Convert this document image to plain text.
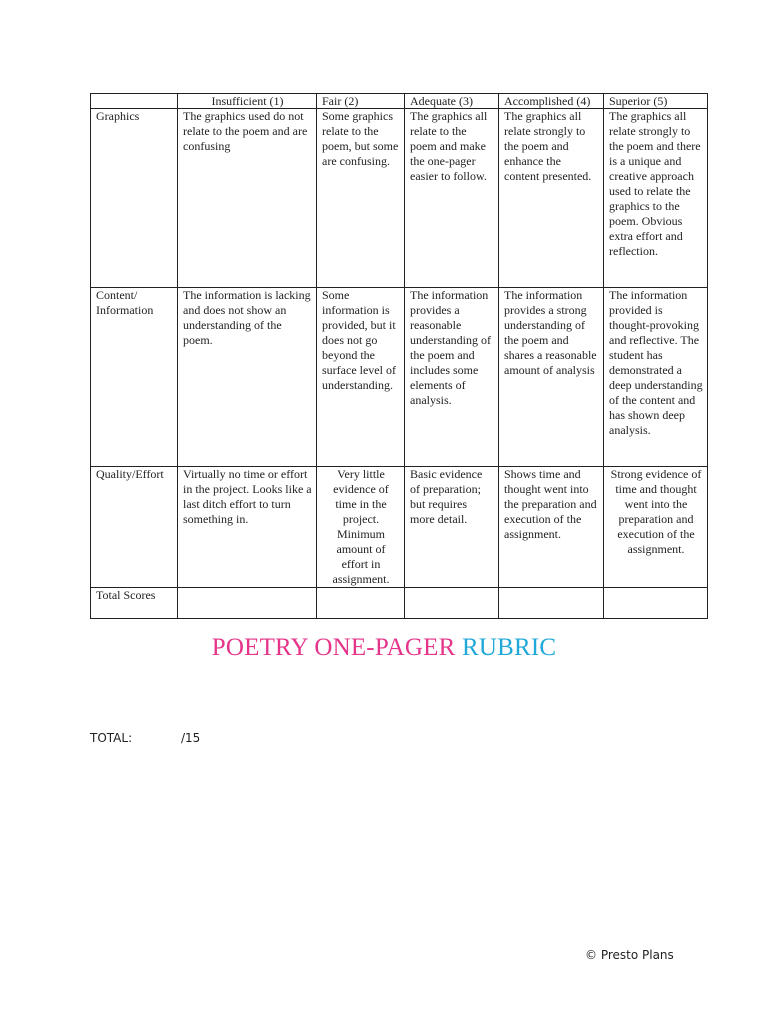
	Insufficient (1)	Fair (2)	Adequate (3)	Accomplished (4)	Superior (5)
Graphics	The graphics used do not relate to the poem and are confusing	Some graphics relate to the poem, but some are confusing.	The graphics all relate to the poem and make the one-pager easier to follow.	The graphics all relate strongly to the poem and enhance the content presented.	The graphics all relate strongly to the poem and there is a unique and creative approach used to relate the graphics to the poem. Obvious extra effort and reflection.
Content/ Information	The information is lacking and does not show an understanding of the poem.	Some information is provided, but it does not go beyond the surface level of understanding.	The information provides a reasonable understanding of the poem and includes some elements of analysis.	The information provides a strong understanding of the poem and shares a reasonable amount of analysis	The information provided is thought-provoking and reflective. The student has demonstrated a deep understanding of the content and has shown deep analysis.
Quality/Effort	Virtually no time or effort in the project. Looks like a last ditch effort to turn something in.	Very little evidence of time in the project. Minimum amount of effort in assignment.	Basic evidence of preparation; but requires more detail.	Shows time and thought went into the preparation and execution of the assignment.	Strong evidence of time and thought went into the preparation and execution of the assignment.
Total Scores					
POETRY ONE-PAGER RUBRIC
TOTAL:	/15
© Presto Plans
